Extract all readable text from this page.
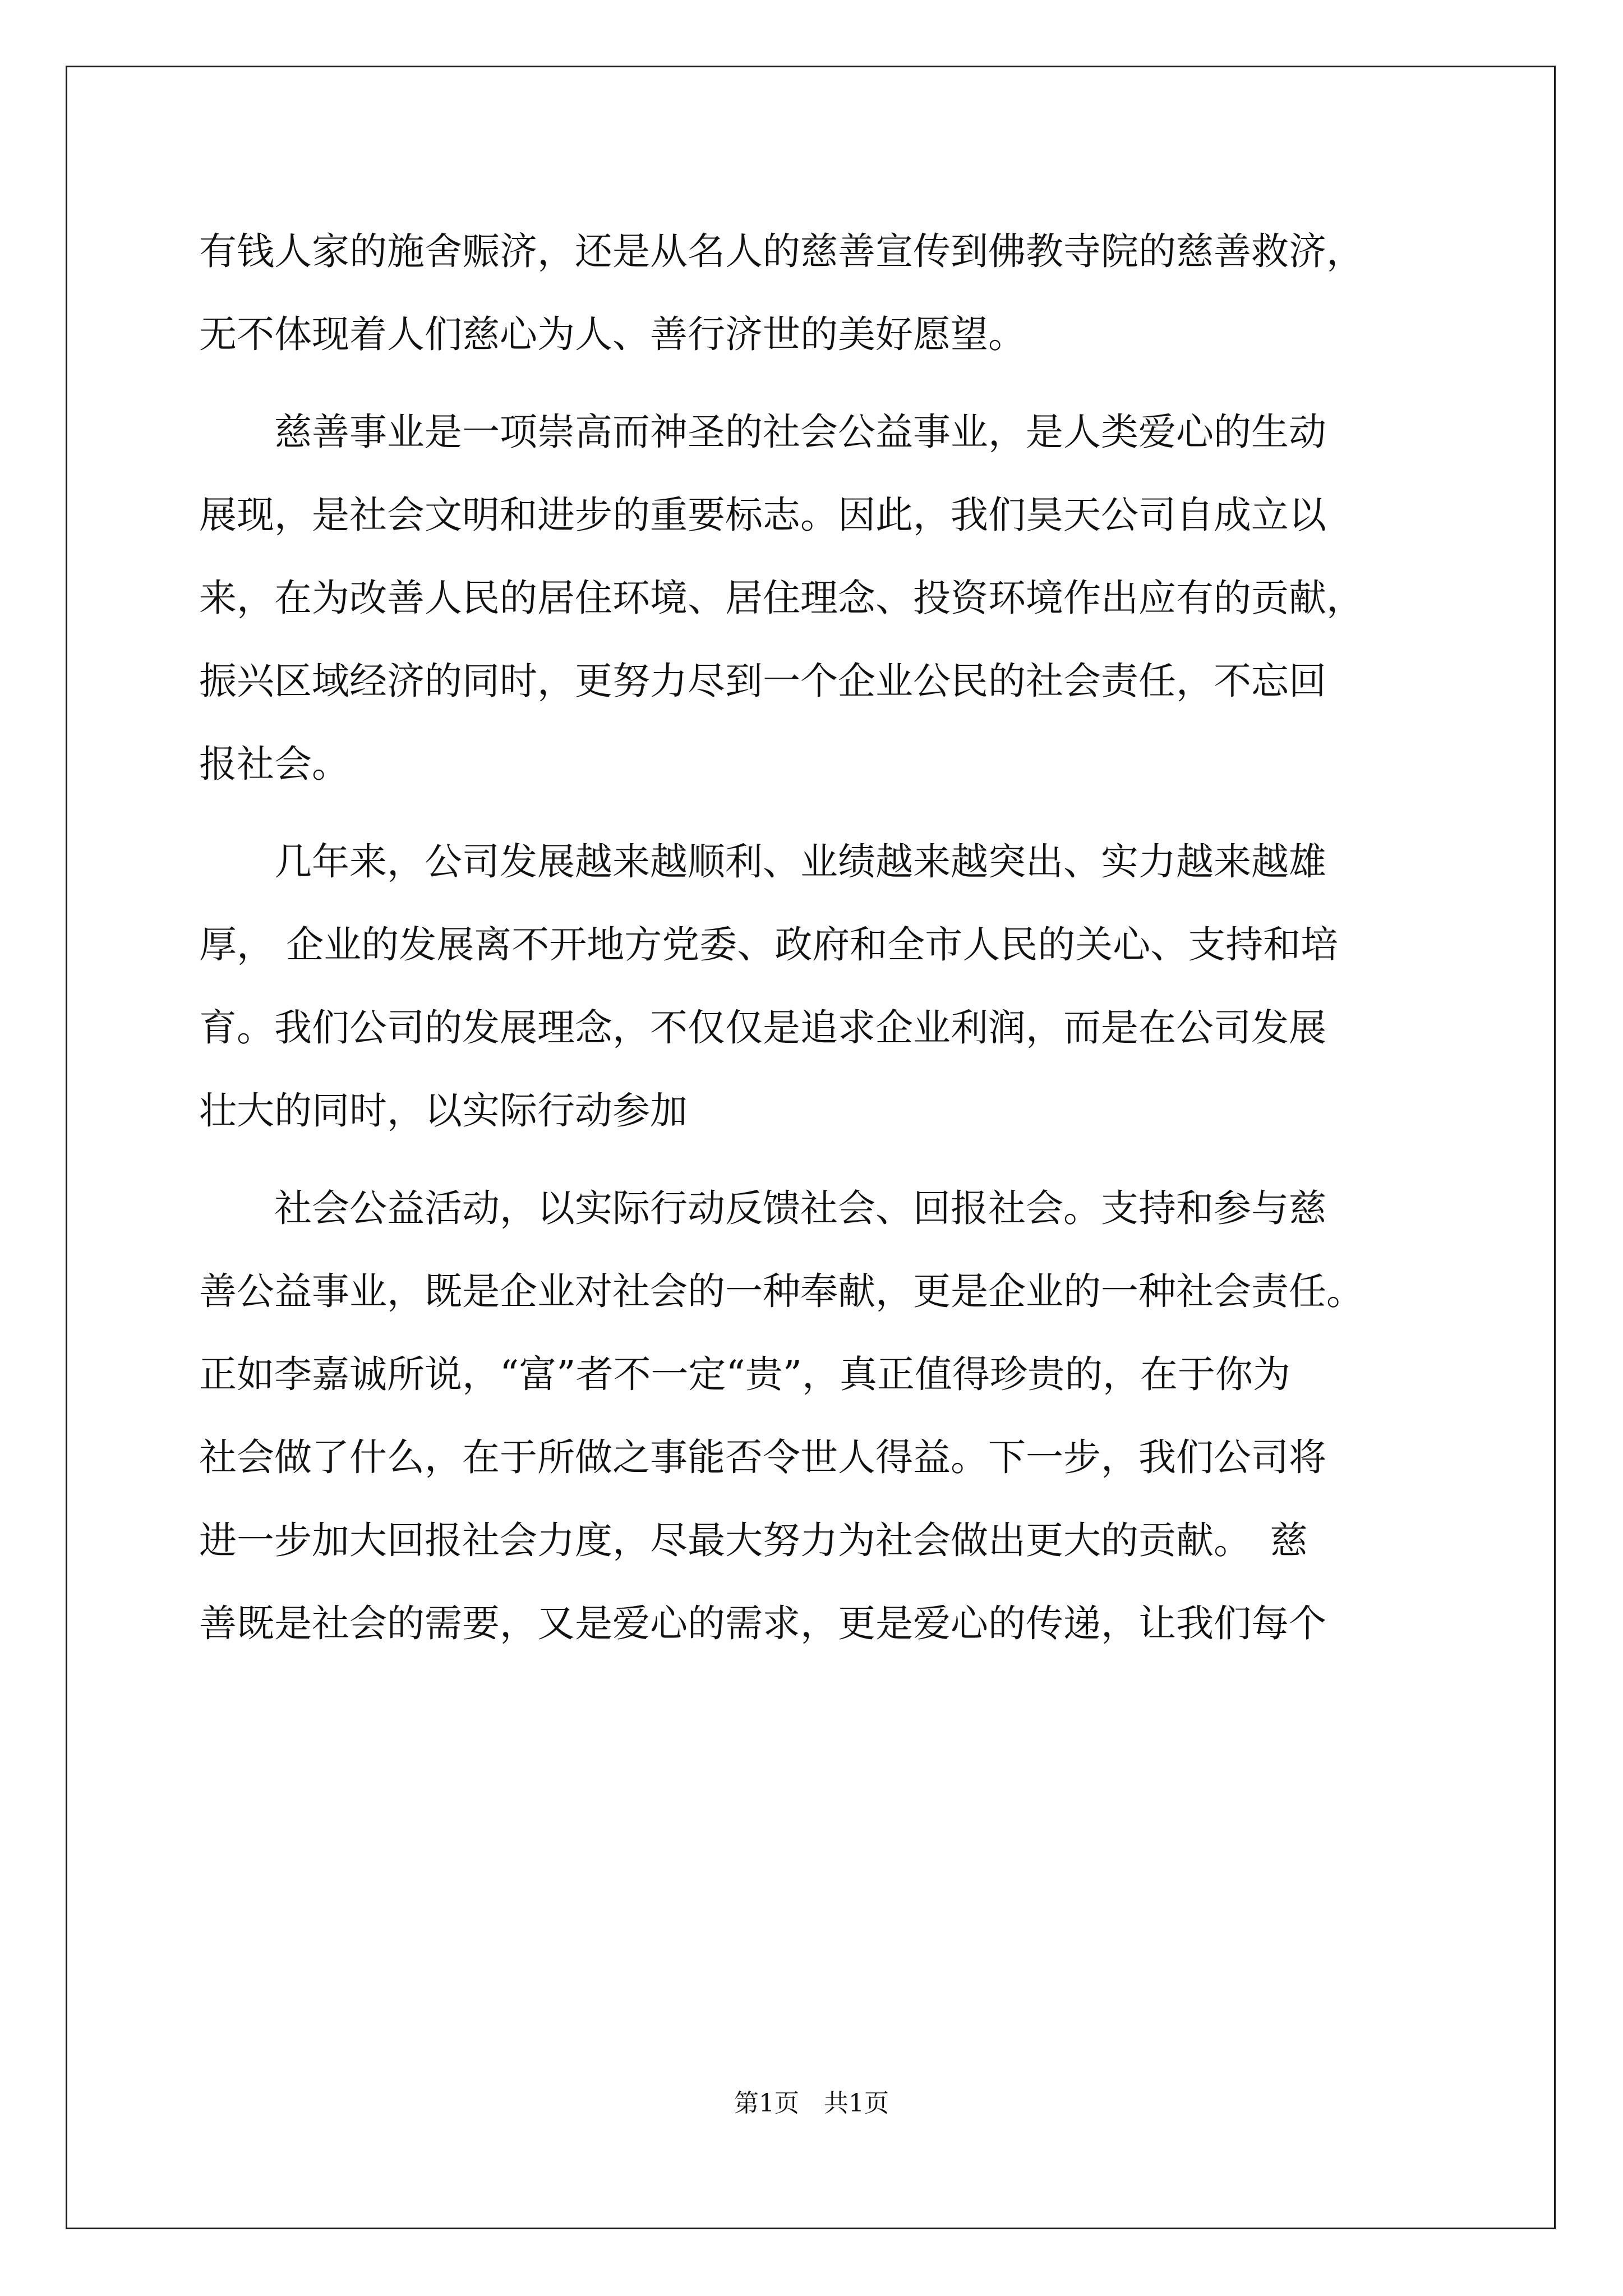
有钱人家的施舍赈济，还是从名人的慈善宣传到佛教寺院的慈善救济，
无不体现着人们慈心为人、善行济世的美好愿望。
　　慈善事业是一项崇高而神圣的社会公益事业，是人类爱心的生动
展现，是社会文明和进步的重要标志。因此，我们昊天公司自成立以
来，在为改善人民的居住环境、居住理念、投资环境作出应有的贡献，
振兴区域经济的同时，更努力尽到一个企业公民的社会责任，不忘回
报社会。
　　几年来，公司发展越来越顺利、业绩越来越突出、实力越来越雄
厚， 企业的发展离不开地方党委、政府和全市人民的关心、支持和培
育。我们公司的发展理念，不仅仅是追求企业利润，而是在公司发展
壮大的同时，以实际行动参加
　　社会公益活动，以实际行动反馈社会、回报社会。支持和参与慈
善公益事业，既是企业对社会的一种奉献，更是企业的一种社会责任。
正如李嘉诚所说，“富”者不一定“贵”，真正值得珍贵的，在于你为
社会做了什么，在于所做之事能否令世人得益。下一步，我们公司将
进一步加大回报社会力度，尽最大努力为社会做出更大的贡献。　慈
善既是社会的需要，又是爱心的需求，更是爱心的传递，让我们每个
第1页　共1页
